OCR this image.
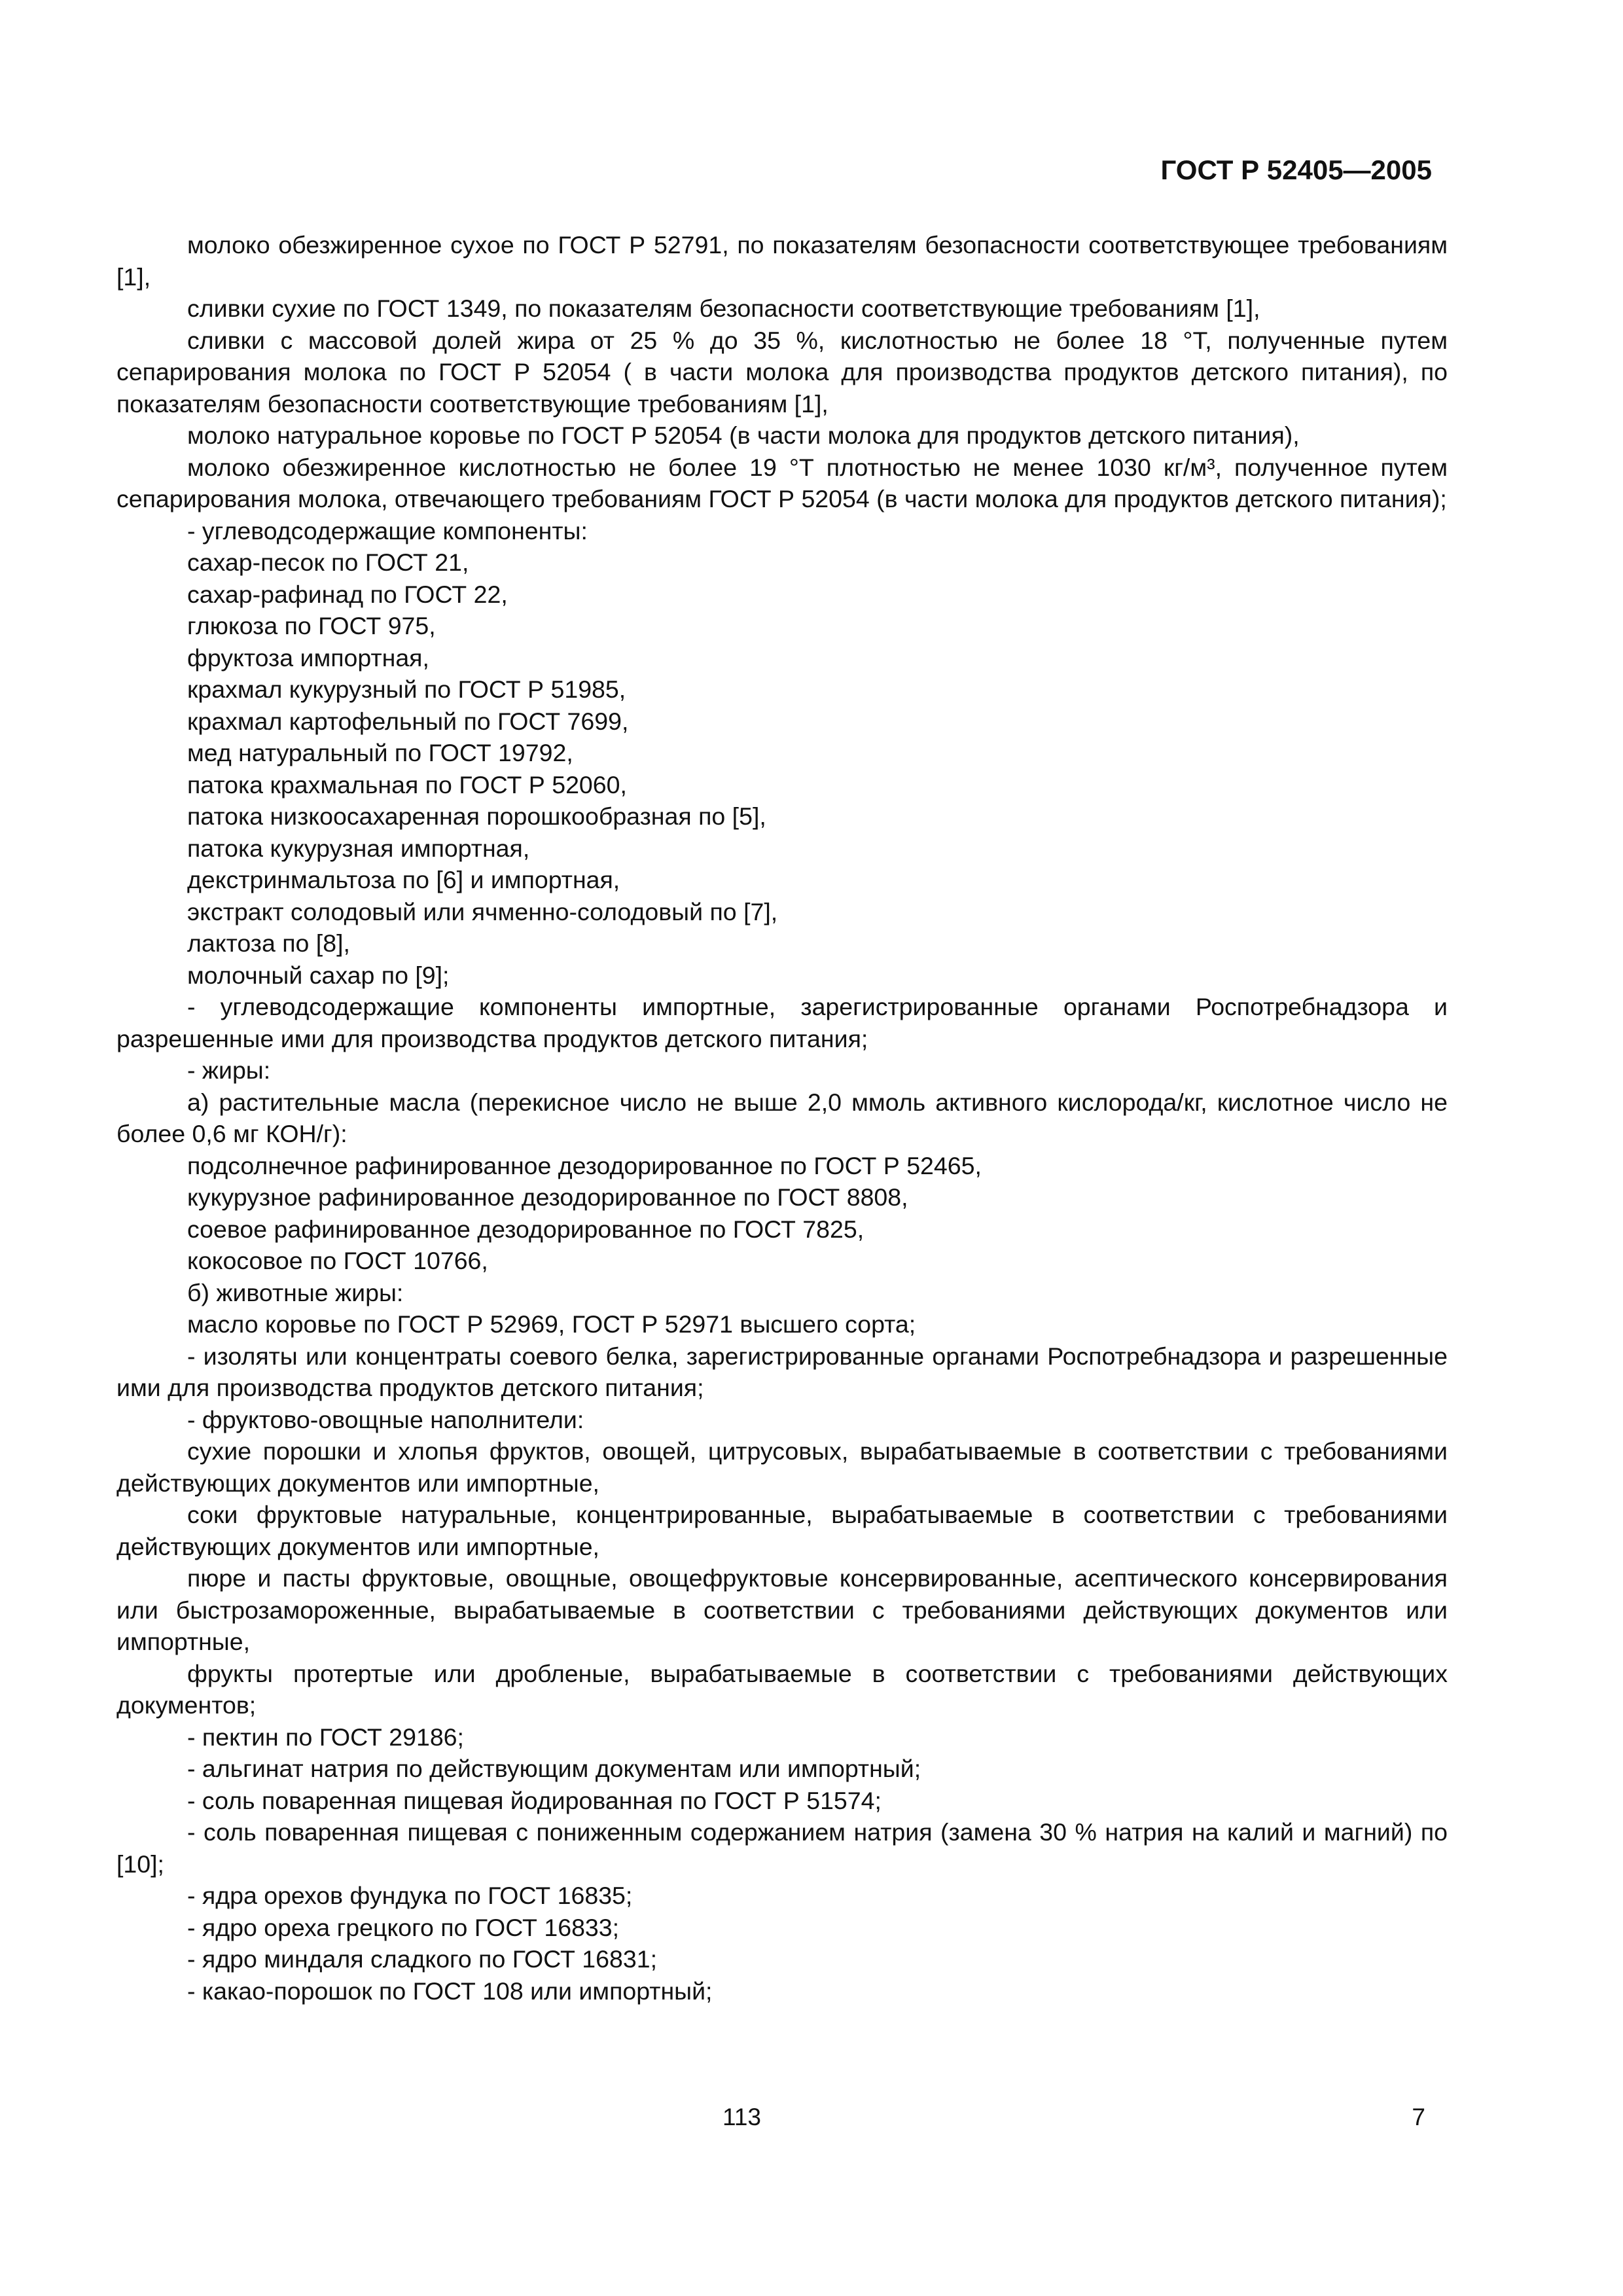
ГОСТ Р 52405—2005

молоко обезжиренное сухое по ГОСТ Р 52791, по показателям безопасности соответствующее требованиям [1],

сливки сухие по ГОСТ 1349, по показателям безопасности соответствующие требованиям [1],

сливки с массовой долей жира от 25 % до 35 %, кислотностью не более 18 °Т, полученные путем сепарирования молока по ГОСТ Р 52054 ( в части молока для производства продуктов детского питания), по показателям безопасности соответствующие требованиям [1],

молоко натуральное коровье по ГОСТ Р 52054 (в части молока для продуктов детского питания),

молоко обезжиренное кислотностью не более 19 °Т плотностью не менее 1030 кг/м³, полученное путем сепарирования молока, отвечающего требованиям ГОСТ Р 52054 (в части молока для продуктов детского питания);

- углеводсодержащие компоненты:

сахар-песок по ГОСТ 21,

сахар-рафинад по ГОСТ 22,

глюкоза по ГОСТ 975,

фруктоза импортная,

крахмал кукурузный по ГОСТ Р 51985,

крахмал картофельный по ГОСТ 7699,

мед натуральный по ГОСТ 19792,

патока крахмальная по ГОСТ Р 52060,

патока низкоосахаренная порошкообразная по [5],

патока кукурузная импортная,

декстринмальтоза по [6] и импортная,

экстракт солодовый или ячменно-солодовый по [7],

лактоза по [8],

молочный сахар по [9];

- углеводсодержащие компоненты импортные, зарегистрированные органами Роспотребнадзора и разрешенные ими для производства продуктов детского питания;

- жиры:

а) растительные масла (перекисное число не выше 2,0 ммоль активного кислорода/кг, кислотное число не более 0,6 мг КОН/г):

подсолнечное рафинированное дезодорированное по ГОСТ Р 52465,

кукурузное рафинированное дезодорированное по ГОСТ 8808,

соевое рафинированное дезодорированное по ГОСТ 7825,

кокосовое по ГОСТ 10766,

б) животные жиры:

масло коровье по ГОСТ Р 52969, ГОСТ Р 52971 высшего сорта;

- изоляты или концентраты соевого белка, зарегистрированные органами Роспотребнадзора и разрешенные ими для производства продуктов детского питания;

- фруктово-овощные наполнители:

сухие порошки и хлопья фруктов, овощей, цитрусовых, вырабатываемые в соответствии с требованиями действующих документов или импортные,

соки фруктовые натуральные, концентрированные, вырабатываемые в соответствии с требованиями действующих документов или импортные,

пюре и пасты фруктовые, овощные, овощефруктовые консервированные, асептического консервирования или быстрозамороженные, вырабатываемые в соответствии с требованиями действующих документов или импортные,

фрукты протертые или дробленые, вырабатываемые в соответствии с требованиями действующих документов;

- пектин по ГОСТ 29186;

- альгинат натрия по действующим документам или импортный;

- соль поваренная пищевая йодированная по ГОСТ Р 51574;

- соль поваренная пищевая с пониженным содержанием натрия (замена 30 % натрия на калий и магний) по [10];

- ядра орехов фундука по ГОСТ 16835;

- ядро ореха грецкого по ГОСТ 16833;

- ядро миндаля сладкого по ГОСТ 16831;

- какао-порошок по ГОСТ 108 или импортный;

113	7
